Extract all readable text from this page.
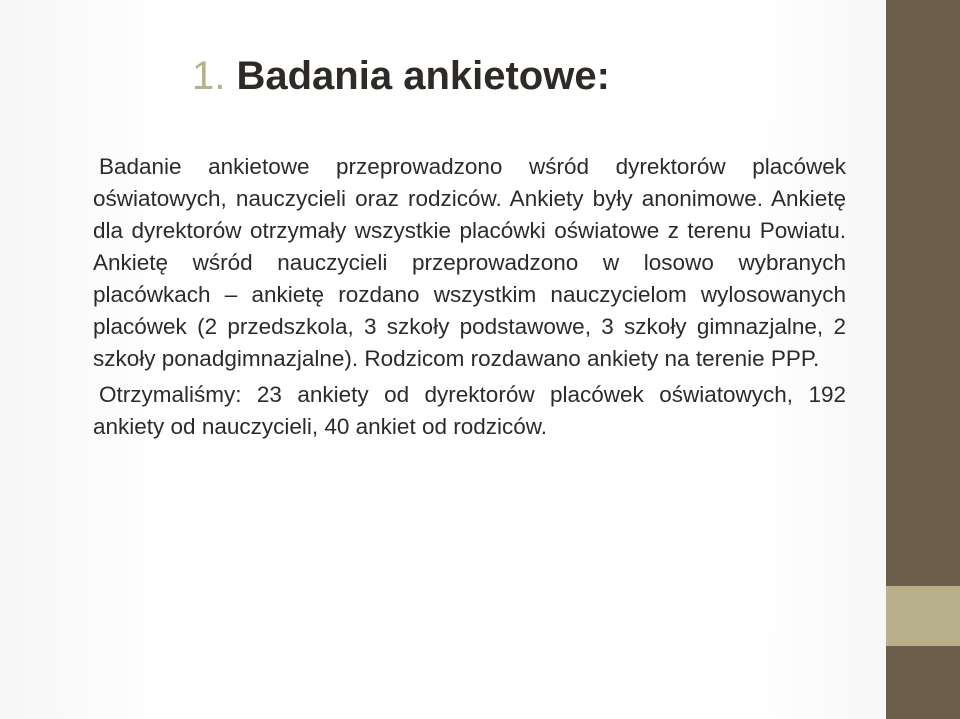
1. Badania ankietowe:

Badanie ankietowe przeprowadzono wśród dyrektorów placówek oświatowych, nauczycieli oraz rodziców. Ankiety były anonimowe. Ankietę dla dyrektorów otrzymały wszystkie placówki oświatowe z terenu Powiatu. Ankietę wśród nauczycieli przeprowadzono w losowo wybranych placówkach – ankietę rozdano wszystkim nauczycielom wylosowanych placówek (2 przedszkola, 3 szkoły podstawowe, 3 szkoły gimnazjalne, 2 szkoły ponadgimnazjalne). Rodzicom rozdawano ankiety na terenie PPP.

Otrzymaliśmy: 23 ankiety od dyrektorów placówek oświatowych, 192 ankiety od nauczycieli, 40 ankiet od rodziców.
